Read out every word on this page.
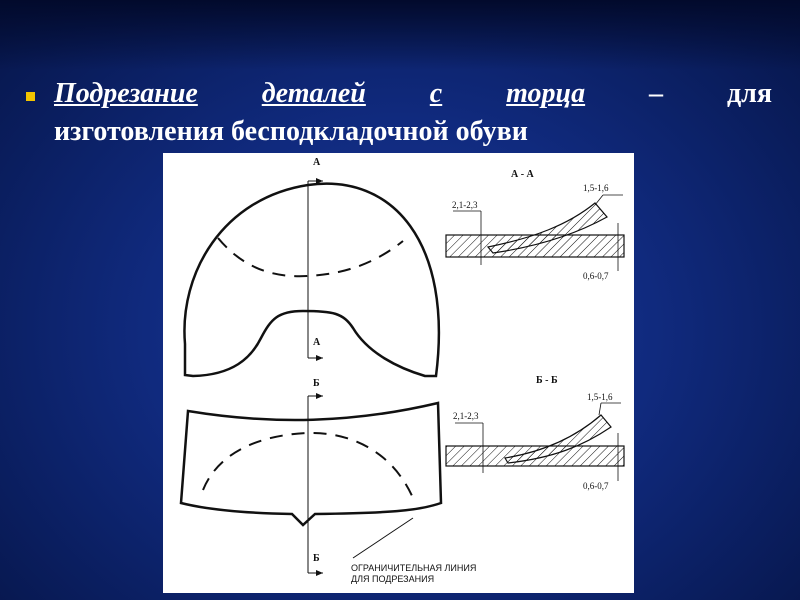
Подрезание деталей с торца – для
изготовления бесподкладочной обуви
А
А
Б
Б
ОГРАНИЧИТЕЛЬНАЯ ЛИНИЯ
ДЛЯ ПОДРЕЗАНИЯ
А - А
2,1-2,3
1,5-1,6
0,6-0,7
Б - Б
2,1-2,3
1,5-1,6
0,6-0,7
